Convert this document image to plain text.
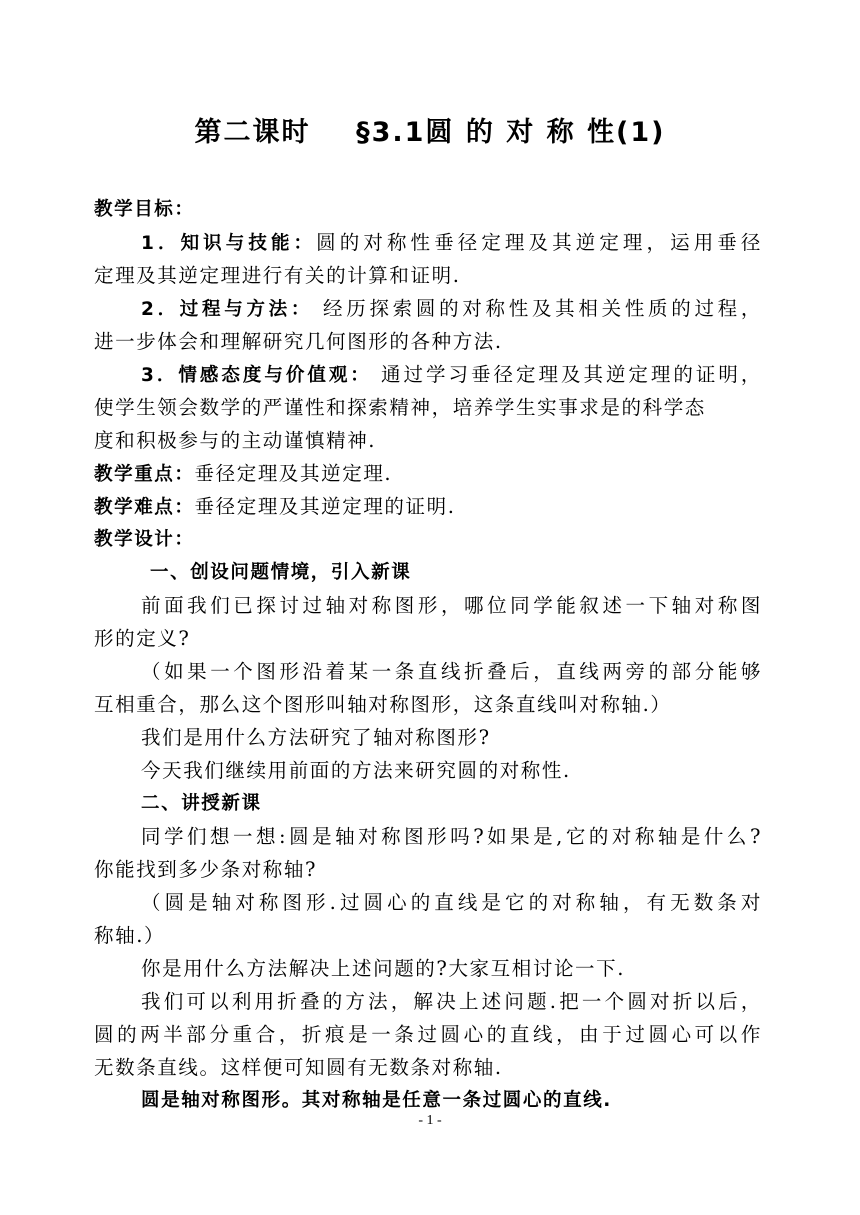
第二课时    §3.1圆 的 对 称 性(1)
教学目标：
1．知识与技能：圆的对称性垂径定理及其逆定理，运用垂径
定理及其逆定理进行有关的计算和证明.
2．过程与方法： 经历探索圆的对称性及其相关性质的过程，
进一步体会和理解研究几何图形的各种方法.
3．情感态度与价值观： 通过学习垂径定理及其逆定理的证明，
使学生领会数学的严谨性和探索精神，培养学生实事求是的科学态
度和积极参与的主动谨慎精神.
教学重点：垂径定理及其逆定理.
教学难点：垂径定理及其逆定理的证明.
教学设计：
一、创设问题情境，引入新课
前面我们已探讨过轴对称图形，哪位同学能叙述一下轴对称图
形的定义?
（如果一个图形沿着某一条直线折叠后，直线两旁的部分能够
互相重合，那么这个图形叫轴对称图形，这条直线叫对称轴.）
我们是用什么方法研究了轴对称图形?
今天我们继续用前面的方法来研究圆的对称性.
二、讲授新课
同学们想一想:圆是轴对称图形吗?如果是,它的对称轴是什么?
你能找到多少条对称轴?
（圆是轴对称图形.过圆心的直线是它的对称轴，有无数条对
称轴.）
你是用什么方法解决上述问题的?大家互相讨论一下.
我们可以利用折叠的方法，解决上述问题.把一个圆对折以后，
圆的两半部分重合，折痕是一条过圆心的直线，由于过圆心可以作
无数条直线。这样便可知圆有无数条对称轴.
圆是轴对称图形。其对称轴是任意一条过圆心的直线.
- 1 -
